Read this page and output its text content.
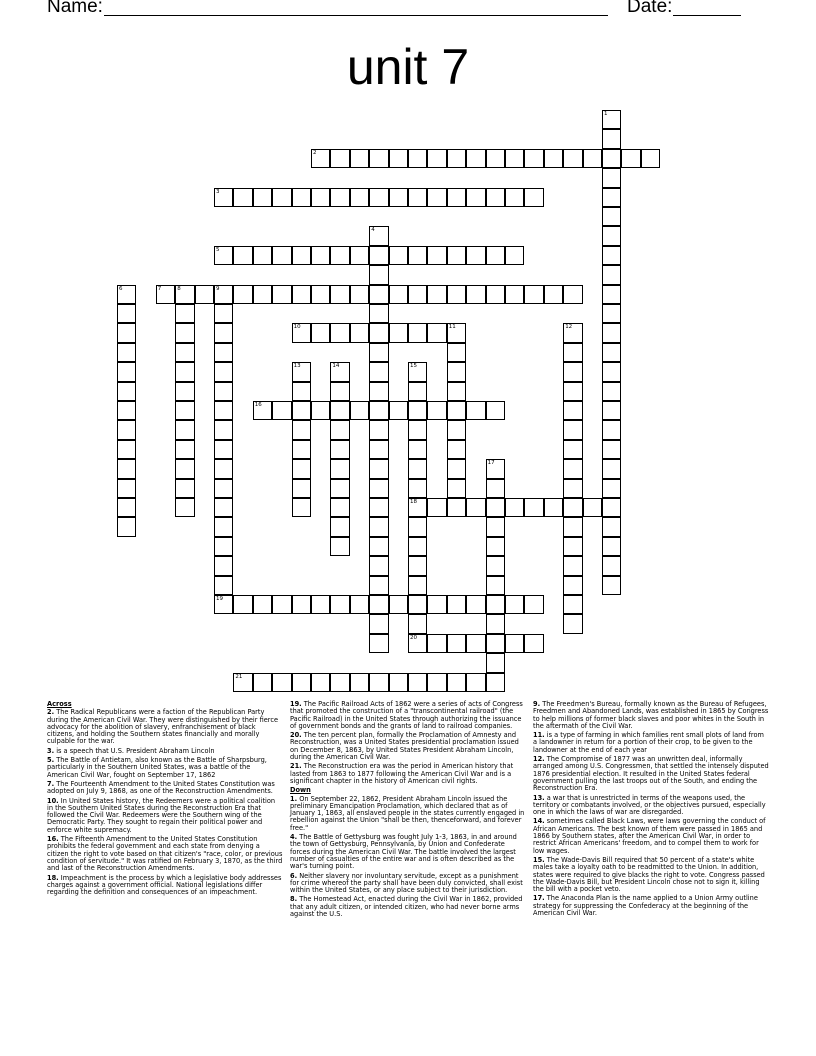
Name:	Date:
unit 7
1
2
3
4
5
6	7	8	9
10	11	12
13	14	15
18
20
16
17
19
21
Across
2. The Radical Republicans were a faction of the Republican Party during the American Civil War. They were distinguished by their fierce advocacy for the abolition of slavery, enfranchisement of black citizens, and holding the Southern states financially and morally culpable for the war.
3. is a speech that U.S. President Abraham Lincoln
5. The Battle of Antietam, also known as the Battle of Sharpsburg, particularly in the Southern United States, was a battle of the American Civil War, fought on September 17, 1862
7. The Fourteenth Amendment to the United States Constitution was adopted on July 9, 1868, as one of the Reconstruction Amendments.
10. In United States history, the Redeemers were a political coalition in the Southern United States during the Reconstruction Era that followed the Civil War. Redeemers were the Southern wing of the Democratic Party. They sought to regain their political power and enforce white supremacy.
16. The Fifteenth Amendment to the United States Constitution prohibits the federal government and each state from denying a citizen the right to vote based on that citizen's "race, color, or previous condition of servitude." It was ratified on February 3, 1870, as the third and last of the Reconstruction Amendments.
18. Impeachment is the process by which a legislative body addresses charges against a government official. National legislations differ regarding the definition and consequences of an impeachment.
19. The Pacific Railroad Acts of 1862 were a series of acts of Congress that promoted the construction of a "transcontinental railroad" (the Pacific Railroad) in the United States through authorizing the issuance of government bonds and the grants of land to railroad companies.
20. The ten percent plan, formally the Proclamation of Amnesty and Reconstruction, was a United States presidential proclamation issued on December 8, 1863, by United States President Abraham Lincoln, during the American Civil War.
21. The Reconstruction era was the period in American history that lasted from 1863 to 1877 following the American Civil War and is a significant chapter in the history of American civil rights.
Down
1. On September 22, 1862, President Abraham Lincoln issued the preliminary Emancipation Proclamation, which declared that as of January 1, 1863, all enslaved people in the states currently engaged in rebellion against the Union "shall be then, thenceforward, and forever free."
4. The Battle of Gettysburg was fought July 1-3, 1863, in and around the town of Gettysburg, Pennsylvania, by Union and Confederate forces during the American Civil War. The battle involved the largest number of casualties of the entire war and is often described as the war's turning point.
6. Neither slavery nor involuntary servitude, except as a punishment for crime whereof the party shall have been duly convicted, shall exist within the United States, or any place subject to their jurisdiction.
8. The Homestead Act, enacted during the Civil War in 1862, provided that any adult citizen, or intended citizen, who had never borne arms against the U.S.
9. The Freedmen's Bureau, formally known as the Bureau of Refugees, Freedmen and Abandoned Lands, was established in 1865 by Congress to help millions of former black slaves and poor whites in the South in the aftermath of the Civil War.
11. is a type of farming in which families rent small plots of land from a landowner in return for a portion of their crop, to be given to the landowner at the end of each year
12. The Compromise of 1877 was an unwritten deal, informally arranged among U.S. Congressmen, that settled the intensely disputed 1876 presidential election. It resulted in the United States federal government pulling the last troops out of the South, and ending the Reconstruction Era.
13. a war that is unrestricted in terms of the weapons used, the territory or combatants involved, or the objectives pursued, especially one in which the laws of war are disregarded.
14. sometimes called Black Laws, were laws governing the conduct of African Americans. The best known of them were passed in 1865 and 1866 by Southern states, after the American Civil War, in order to restrict African Americans' freedom, and to compel them to work for low wages.
15. The Wade-Davis Bill required that 50 percent of a state's white males take a loyalty oath to be readmitted to the Union. In addition, states were required to give blacks the right to vote. Congress passed the Wade-Davis Bill, but President Lincoln chose not to sign it, killing the bill with a pocket veto.
17. The Anaconda Plan is the name applied to a Union Army outline strategy for suppressing the Confederacy at the beginning of the American Civil War.
